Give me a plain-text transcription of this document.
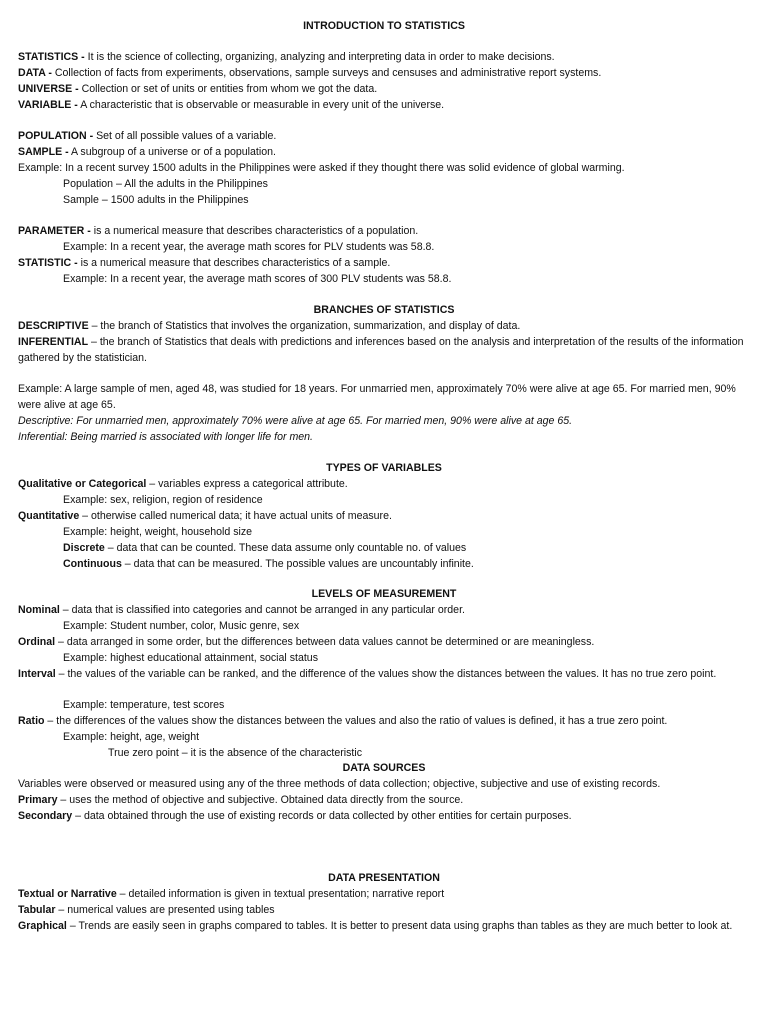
INTRODUCTION TO STATISTICS
STATISTICS - It is the science of collecting, organizing, analyzing and interpreting data in order to make decisions.
DATA - Collection of facts from experiments, observations, sample surveys and censuses and administrative report systems.
UNIVERSE - Collection or set of units or entities from whom we got the data.
VARIABLE - A characteristic that is observable or measurable in every unit of the universe.
POPULATION - Set of all possible values of a variable.
SAMPLE - A subgroup of a universe or of a population.
Example: In a recent survey 1500 adults in the Philippines were asked if they thought there was solid evidence of global warming.
Population – All the adults in the Philippines
Sample – 1500 adults in the Philippines
PARAMETER - is a numerical measure that describes characteristics of a population.
Example: In a recent year, the average math scores for PLV students was 58.8.
STATISTIC - is a numerical measure that describes characteristics of a sample.
Example: In a recent year, the average math scores of 300 PLV students was 58.8.
BRANCHES OF STATISTICS
DESCRIPTIVE – the branch of Statistics that involves the organization, summarization, and display of data.
INFERENTIAL – the branch of Statistics that deals with predictions and inferences based on the analysis and interpretation of the results of the information gathered by the statistician.
Example: A large sample of men, aged 48, was studied for 18 years. For unmarried men, approximately 70% were alive at age 65. For married men, 90% were alive at age 65.
Descriptive: For unmarried men, approximately 70% were alive at age 65. For married men, 90% were alive at age 65.
Inferential: Being married is associated with longer life for men.
TYPES OF VARIABLES
Qualitative or Categorical – variables express a categorical attribute.
Example: sex, religion, region of residence
Quantitative – otherwise called numerical data; it have actual units of measure.
Example: height, weight, household size
Discrete – data that can be counted. These data assume only countable no. of values
Continuous – data that can be measured. The possible values are uncountably infinite.
LEVELS OF MEASUREMENT
Nominal – data that is classified into categories and cannot be arranged in any particular order.
Example: Student number, color, Music genre, sex
Ordinal – data arranged in some order, but the differences between data values cannot be determined or are meaningless.
Example: highest educational attainment, social status
Interval – the values of the variable can be ranked, and the difference of the values show the distances between the values. It has no true zero point.
Example: temperature, test scores
Ratio – the differences of the values show the distances between the values and also the ratio of values is defined, it has a true zero point.
Example: height, age, weight
True zero point – it is the absence of the characteristic
DATA SOURCES
Variables were observed or measured using any of the three methods of data collection; objective, subjective and use of existing records.
Primary – uses the method of objective and subjective. Obtained data directly from the source.
Secondary – data obtained through the use of existing records or data collected by other entities for certain purposes.
DATA PRESENTATION
Textual or Narrative – detailed information is given in textual presentation; narrative report
Tabular – numerical values are presented using tables
Graphical – Trends are easily seen in graphs compared to tables. It is better to present data using graphs than tables as they are much better to look at.
